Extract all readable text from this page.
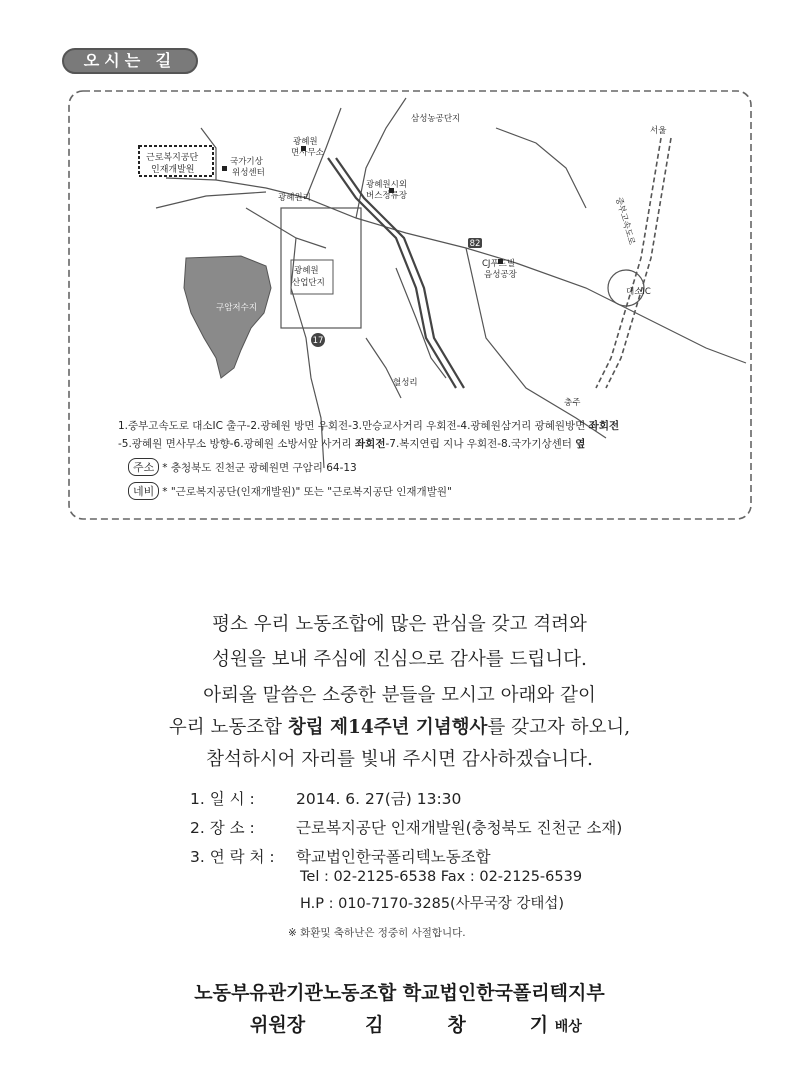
오시는 길
17
82
삼성농공단지
서울
광혜원
면사무소
근로복지공단
인재개발원
국가기상
위성센터
광혜원리
광혜원시외
버스정류장
중부고속도로
CJ푸드빌
음성공장
광혜원
산업단지
구암저수지
대소IC
혈성리
충주
1.중부고속도로 대소IC 출구-2.광혜원 방면 우회전-3.만승교사거리 우회전-4.광혜원삼거리 광혜원방면 좌회전
-5.광혜원 면사무소 방향-6.광혜원 소방서앞 사거리 좌회전-7.복지연립 지나 우회전-8.국가기상센터 옆
주소 * 충청북도 진천군 광혜원면 구암리 64-13
네비 * "근로복지공단(인재개발원)" 또는 "근로복지공단 인재개발원"
평소 우리 노동조합에 많은 관심을 갖고 격려와
성원을 보내 주심에 진심으로 감사를 드립니다.
아뢰올 말씀은 소중한 분들을 모시고 아래와 같이
우리 노동조합 창립 제14주년 기념행사를 갖고자 하오니,
참석하시어 자리를 빛내 주시면 감사하겠습니다.
1. 일 시 :	2014. 6. 27(금) 13:30
2. 장 소 :	근로복지공단 인재개발원(충청북도 진천군 소재)
3. 연 락 처 : 학교법인한국폴리텍노동조합
Tel : 02-2125-6538 Fax : 02-2125-6539
H.P : 010-7170-3285(사무국장 강태섭)
※ 화환및 축하난은 정중히 사절합니다.
노동부유관기관노동조합 학교법인한국폴리텍지부
위원장	김	창	기 배상
